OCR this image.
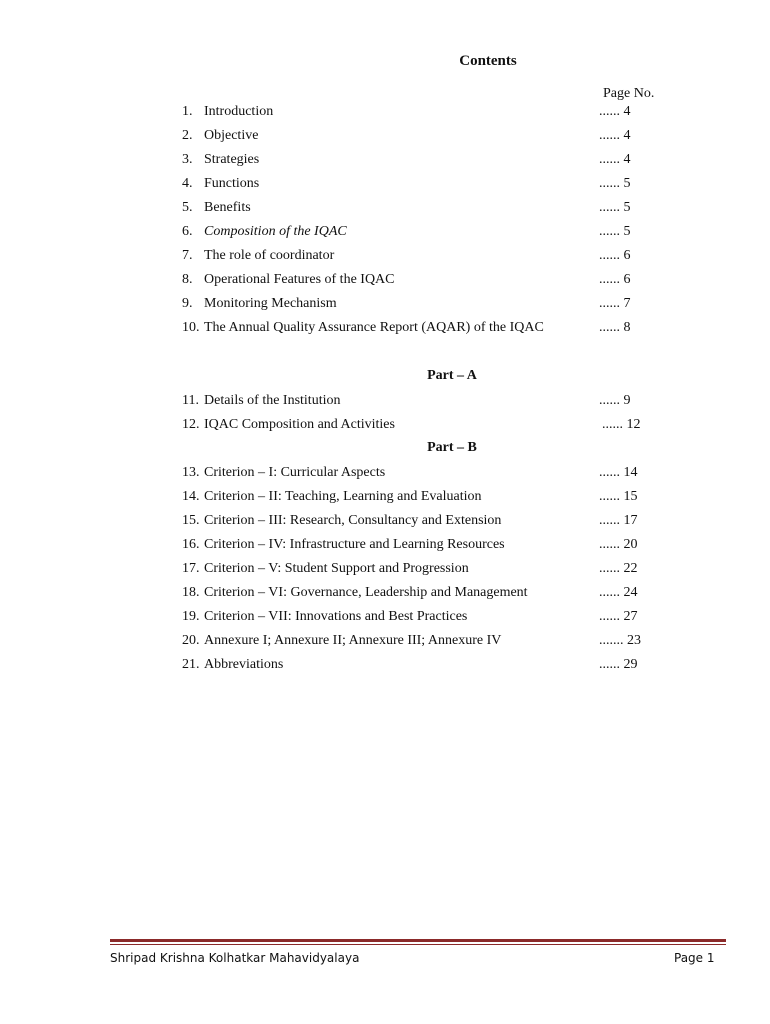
Contents
Page No.
1. Introduction	...... 4
2. Objective	...... 4
3. Strategies	...... 4
4. Functions	...... 5
5. Benefits	...... 5
6. Composition of the IQAC	...... 5
7. The role of coordinator	...... 6
8. Operational Features of the IQAC	...... 6
9. Monitoring Mechanism	...... 7
10. The Annual Quality Assurance Report (AQAR) of the IQAC	...... 8
Part – A
11. Details of the Institution	...... 9
12. IQAC Composition and Activities	...... 12
Part – B
13. Criterion – I: Curricular Aspects	...... 14
14. Criterion – II: Teaching, Learning and Evaluation	...... 15
15. Criterion – III: Research, Consultancy and Extension	...... 17
16. Criterion – IV: Infrastructure and Learning Resources	...... 20
17. Criterion – V: Student Support and Progression	...... 22
18. Criterion – VI: Governance, Leadership and Management	...... 24
19. Criterion – VII: Innovations and Best Practices	...... 27
20. Annexure I; Annexure II; Annexure III; Annexure IV	....... 23
21. Abbreviations	...... 29
Shripad Krishna Kolhatkar Mahavidyalaya	Page 1
